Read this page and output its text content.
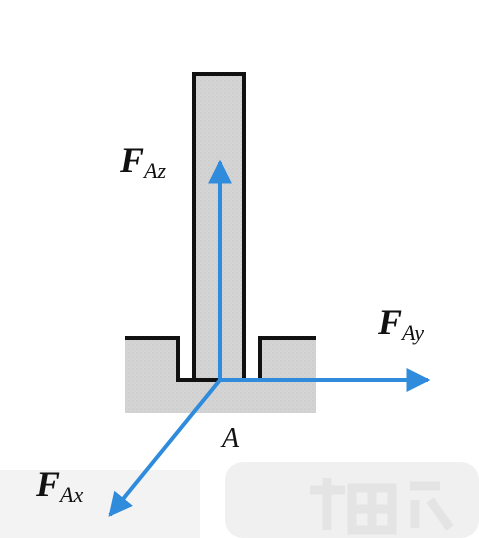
FAz
FAy
FAx
A
